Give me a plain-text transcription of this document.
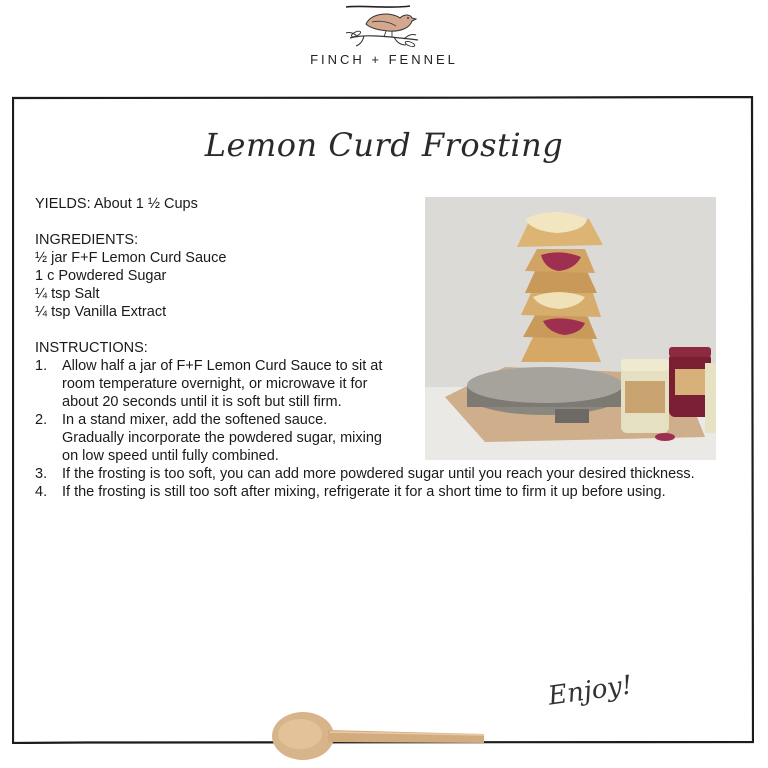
FINCH + FENNEL
Lemon Curd Frosting

YIELDS: About 1 ½ Cups

INGREDIENTS:

½ jar F+F Lemon Curd Sauce
1 c Powdered Sugar
¼ tsp Salt
¼ tsp Vanilla Extract

INSTRUCTIONS:

1. Allow half a jar of F+F Lemon Curd Sauce to sit at room temperature overnight, or microwave it for about 20 seconds until it is soft but still firm.
2. In a stand mixer, add the softened sauce. Gradually incorporate the powdered sugar, mixing on low speed until fully combined.
3. If the frosting is too soft, you can add more powdered sugar until you reach your desired thickness.
4. If the frosting is still too soft after mixing, refrigerate it for a short time to firm it up before using.
Enjoy!
